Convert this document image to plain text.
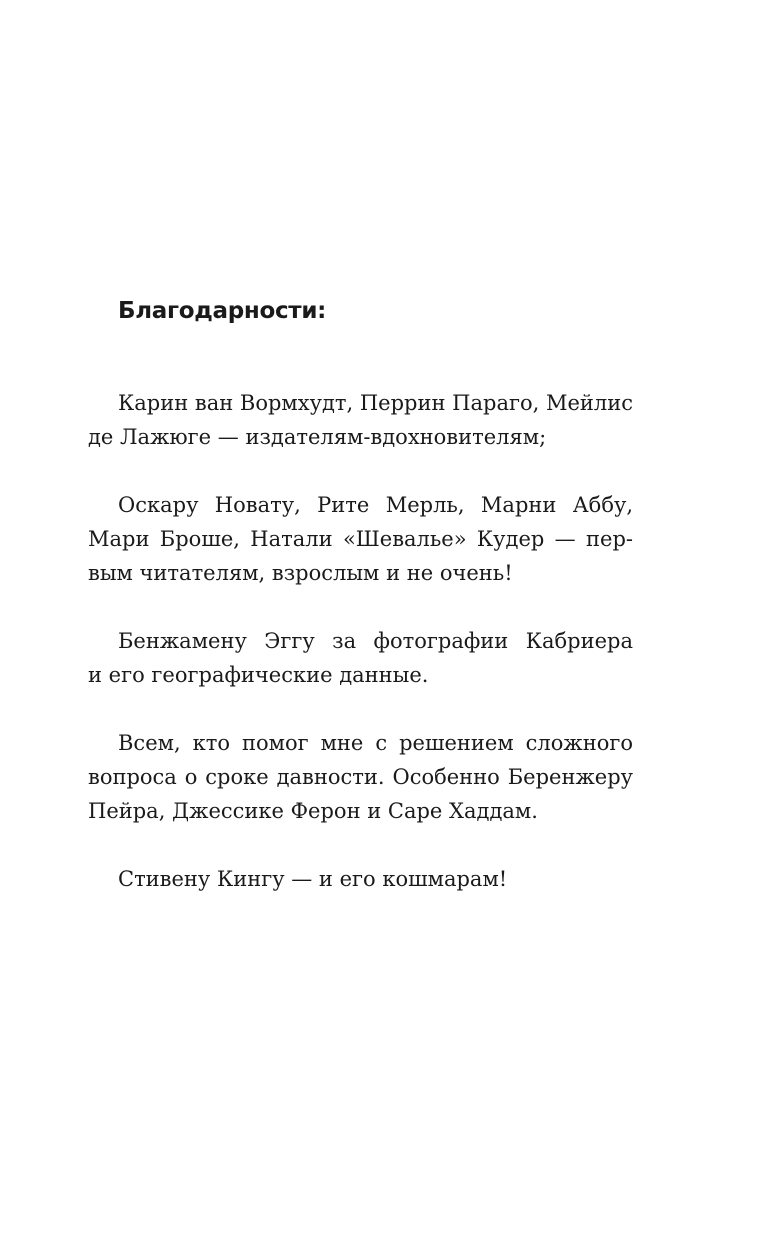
Благодарности:

Карин ван Вормхудт, Перрин Параго, Мейлис
де Лажюге — издателям-вдохновителям;

Оскару Новату, Рите Мерль, Марни Аббу,
Мари Броше, Натали «Шевалье» Кудер — пер-
вым читателям, взрослым и не очень!

Бенжамену Эггу за фотографии Кабриера
и его географические данные.

Всем, кто помог мне с решением сложного
вопроса о сроке давности. Особенно Беренжеру
Пейра, Джессике Ферон и Саре Хаддам.

Стивену Кингу — и его кошмарам!
